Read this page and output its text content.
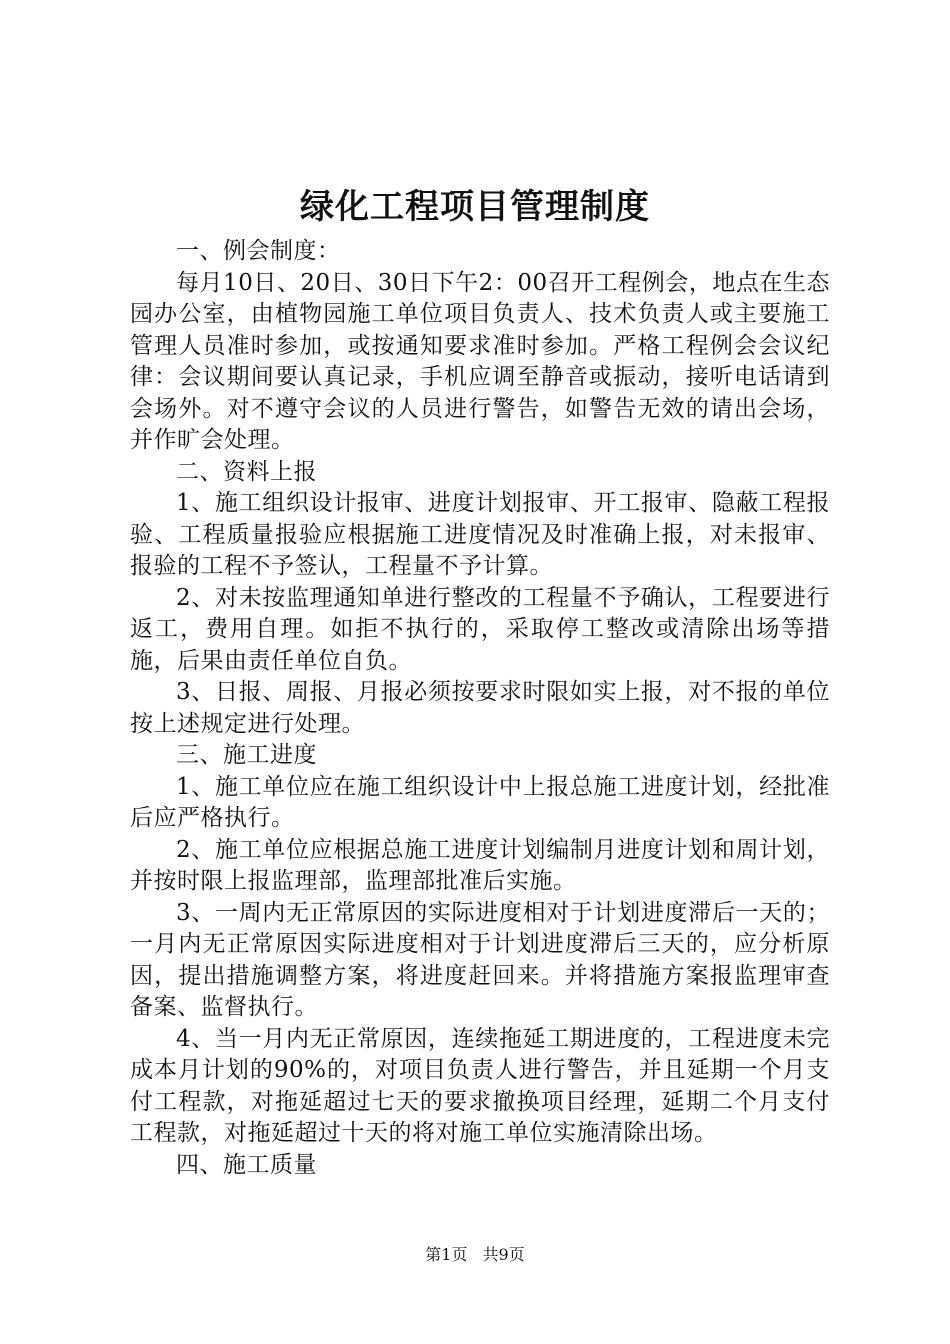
绿化工程项目管理制度

一、例会制度：

每月10日、20日、30日下午2：00召开工程例会，地点在生态园办公室，由植物园施工单位项目负责人、技术负责人或主要施工管理人员准时参加，或按通知要求准时参加。严格工程例会会议纪律：会议期间要认真记录，手机应调至静音或振动，接听电话请到会场外。对不遵守会议的人员进行警告，如警告无效的请出会场，并作旷会处理。

二、资料上报

1、施工组织设计报审、进度计划报审、开工报审、隐蔽工程报验、工程质量报验应根据施工进度情况及时准确上报，对未报审、报验的工程不予签认，工程量不予计算。

2、对未按监理通知单进行整改的工程量不予确认，工程要进行返工，费用自理。如拒不执行的，采取停工整改或清除出场等措施，后果由责任单位自负。

3、日报、周报、月报必须按要求时限如实上报，对不报的单位按上述规定进行处理。

三、施工进度

1、施工单位应在施工组织设计中上报总施工进度计划，经批准后应严格执行。

2、施工单位应根据总施工进度计划编制月进度计划和周计划，并按时限上报监理部，监理部批准后实施。

3、一周内无正常原因的实际进度相对于计划进度滞后一天的；一月内无正常原因实际进度相对于计划进度滞后三天的，应分析原因，提出措施调整方案，将进度赶回来。并将措施方案报监理审查备案、监督执行。

4、当一月内无正常原因，连续拖延工期进度的，工程进度未完成本月计划的90%的，对项目负责人进行警告，并且延期一个月支付工程款，对拖延超过七天的要求撤换项目经理，延期二个月支付工程款，对拖延超过十天的将对施工单位实施清除出场。

四、施工质量

第1页 共9页
